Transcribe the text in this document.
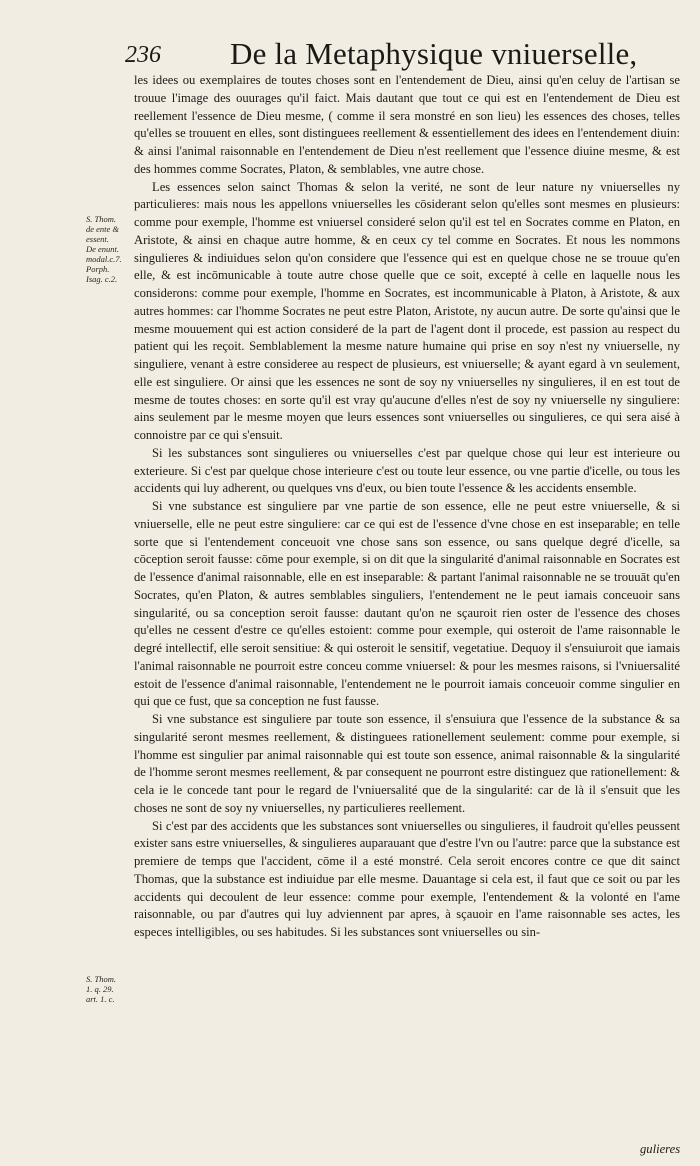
236	De la Metaphysique vniuerselle,
S. Thom.
de ente &
essent.
De enunt.
modal.c.7.
Porph.
Isag. c.2.
S. Thom.
1. q. 29.
art. 1. c.

les idees ou exemplaires de toutes choses sont en l'entendement de Dieu, ainsi qu'en celuy de l'artisan se trouue l'image des ouurages qu'il faict. Mais dautant que tout ce qui est en l'entendement de Dieu est reellement l'essence de Dieu mesme, ( comme il sera monstré en son lieu) les essences des choses, telles qu'elles se trouuent en elles, sont distinguees reellement & essentiellement des idees en l'entendement diuin: & ainsi l'animal raisonnable en l'entendement de Dieu n'est reellement que l'essence diuine mesme, & est des hommes comme Socrates, Platon, & semblables, vne autre chose.

Les essences selon sainct Thomas & selon la verité, ne sont de leur nature ny vniuerselles ny particulieres: mais nous les appellons vniuerselles les cōsiderant selon qu'elles sont mesmes en plusieurs: comme pour exemple, l'homme est vniuersel consideré selon qu'il est tel en Socrates comme en Platon, en Aristote, & ainsi en chaque autre homme, & en ceux cy tel comme en Socrates. Et nous les nommons singulieres & indiuidues selon qu'on considere que l'essence qui est en quelque chose ne se trouue qu'en elle, & est incōmunicable à toute autre chose quelle que ce soit, excepté à celle en laquelle nous les considerons: comme pour exemple, l'homme en Socrates, est incommunicable à Platon, à Aristote, & aux autres hommes: car l'homme Socrates ne peut estre Platon, Aristote, ny aucun autre. De sorte qu'ainsi que le mesme mouuement qui est action consideré de la part de l'agent dont il procede, est passion au respect du patient qui les reçoit. Semblablement la mesme nature humaine qui prise en soy n'est ny vniuerselle, ny singuliere, venant à estre consideree au respect de plusieurs, est vniuerselle; & ayant egard à vn seulement, elle est singuliere. Or ainsi que les essences ne sont de soy ny vniuerselles ny singulieres, il en est tout de mesme de toutes choses: en sorte qu'il est vray qu'aucune d'elles n'est de soy ny vniuerselle ny singuliere: ains seulement par le mesme moyen que leurs essences sont vniuerselles ou singulieres, ce qui sera aisé à connoistre par ce qui s'ensuit.

Si les substances sont singulieres ou vniuerselles c'est par quelque chose qui leur est interieure ou exterieure. Si c'est par quelque chose interieure c'est ou toute leur essence, ou vne partie d'icelle, ou tous les accidents qui luy adherent, ou quelques vns d'eux, ou bien toute l'essence & les accidents ensemble.

Si vne substance est singuliere par vne partie de son essence, elle ne peut estre vniuerselle, & si vniuerselle, elle ne peut estre singuliere: car ce qui est de l'essence d'vne chose en est inseparable; en telle sorte que si l'entendement conceuoit vne chose sans son essence, ou sans quelque degré d'icelle, sa cōception seroit fausse: cōme pour exemple, si on dit que la singularité d'animal raisonnable en Socrates est de l'essence d'animal raisonnable, elle en est inseparable: & partant l'animal raisonnable ne se trouuāt qu'en Socrates, qu'en Platon, & autres semblables singuliers, l'entendement ne le peut iamais conceuoir sans singularité, ou sa conception seroit fausse: dautant qu'on ne sçauroit rien oster de l'essence des choses qu'elles ne cessent d'estre ce qu'elles estoient: comme pour exemple, qui osteroit de l'ame raisonnable le degré intellectif, elle seroit sensitiue: & qui osteroit le sensitif, vegetatiue. Dequoy il s'ensuiuroit que iamais l'animal raisonnable ne pourroit estre conceu comme vniuersel: & pour les mesmes raisons, si l'vniuersalité estoit de l'essence d'animal raisonnable, l'entendement ne le pourroit iamais conceuoir comme singulier en qui que ce fust, que sa conception ne fust fausse.

Si vne substance est singuliere par toute son essence, il s'ensuiura que l'essence de la substance & sa singularité seront mesmes reellement, & distinguees rationellement seulement: comme pour exemple, si l'homme est singulier par animal raisonnable qui est toute son essence, animal raisonnable & la singularité de l'homme seront mesmes reellement, & par consequent ne pourront estre distinguez que rationellement: & cela ie le concede tant pour le regard de l'vniuersalité que de la singularité: car de là il s'ensuit que les choses ne sont de soy ny vniuerselles, ny particulieres reellement.

Si c'est par des accidents que les substances sont vniuerselles ou singulieres, il faudroit qu'elles peussent exister sans estre vniuerselles, & singulieres auparauant que d'estre l'vn ou l'autre: parce que la substance est premiere de temps que l'accident, cōme il a esté monstré. Cela seroit encores contre ce que dit sainct Thomas, que la substance est indiuidue par elle mesme. Dauantage si cela est, il faut que ce soit ou par les accidents qui decoulent de leur essence: comme pour exemple, l'entendement & la volonté en l'ame raisonnable, ou par d'autres qui luy adviennent par apres, à sçauoir en l'ame raisonnable ses actes, les especes intelligibles, ou ses habitudes. Si les substances sont vniuerselles ou sin-

gulieres
